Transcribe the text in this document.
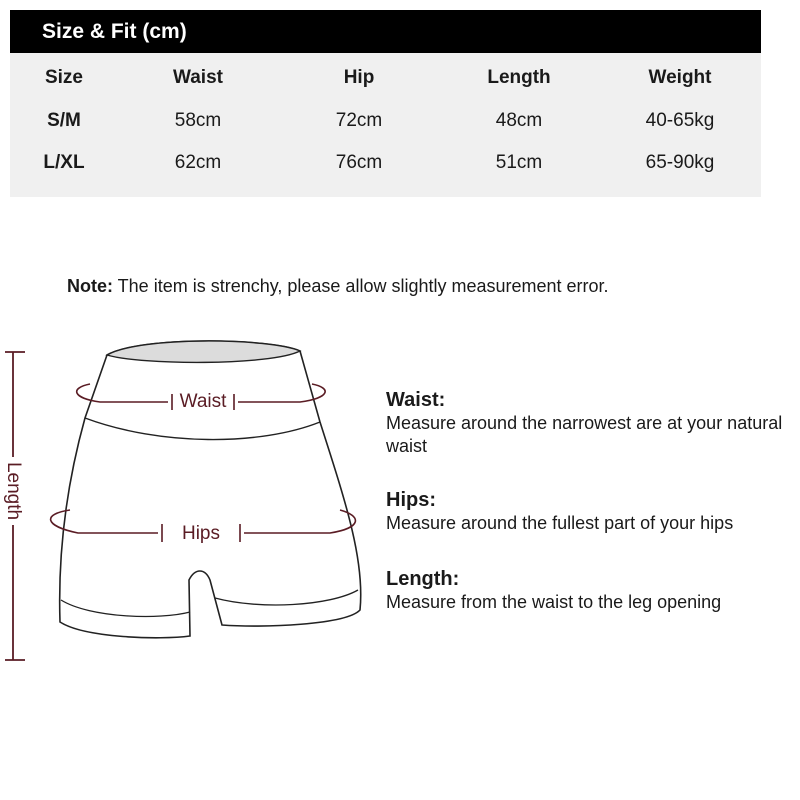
Size & Fit (cm)
Size	Waist	Hip	Length	Weight
S/M	58cm	72cm	48cm	40-65kg
L/XL	62cm	76cm	51cm	65-90kg
Note: The item is strenchy, please allow slightly measurement error.
Length
Waist
Hips
Waist:
Measure around the narrowest are at your natural waist
Hips:
Measure around the fullest part of your hips
Length:
Measure from the waist to the leg opening
